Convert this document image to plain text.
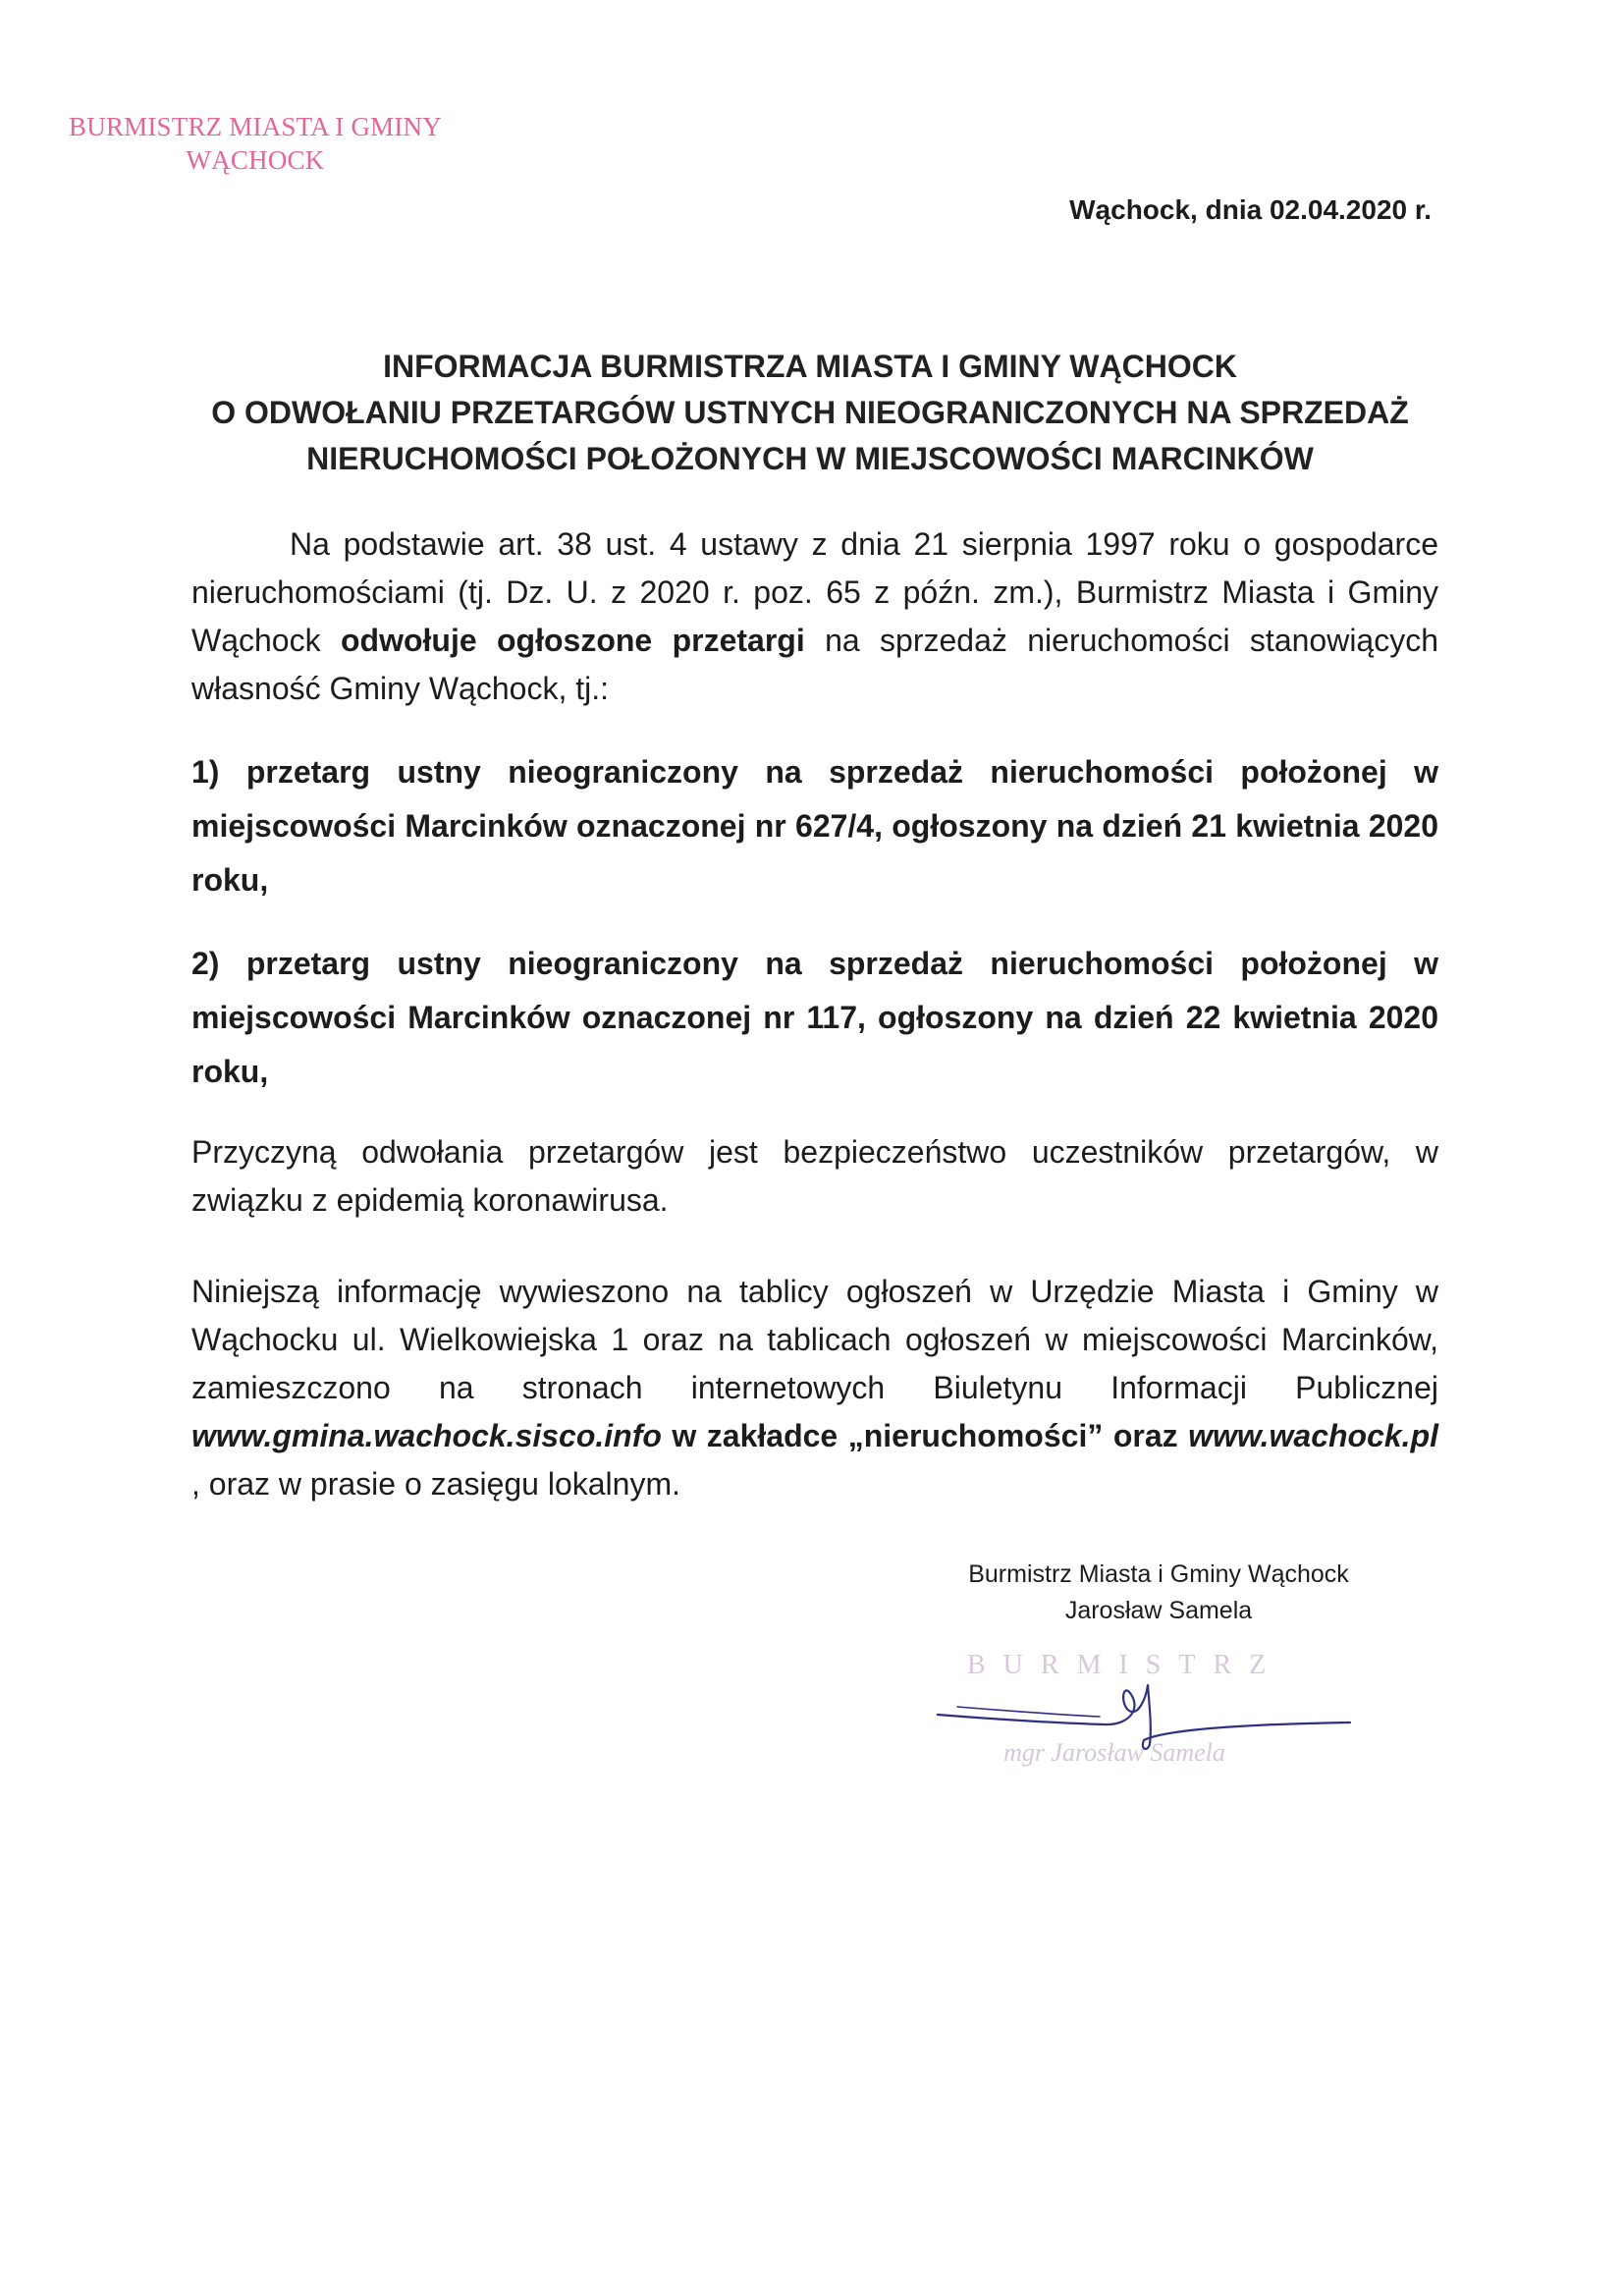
BURMISTRZ MIASTA I GMINY
WĄCHOCK
Wąchock, dnia 02.04.2020 r.
INFORMACJA BURMISTRZA MIASTA I GMINY WĄCHOCK
O ODWOŁANIU PRZETARGÓW USTNYCH NIEOGRANICZONYCH NA SPRZEDAŻ
NIERUCHOMOŚCI POŁOŻONYCH W MIEJSCOWOŚCI MARCINKÓW

Na podstawie art. 38 ust. 4 ustawy z dnia 21 sierpnia 1997 roku o gospodarce nieruchomościami (tj. Dz. U. z 2020 r. poz. 65 z późn. zm.), Burmistrz Miasta i Gminy Wąchock odwołuje ogłoszone przetargi na sprzedaż nieruchomości stanowiących własność Gminy Wąchock, tj.:

1) przetarg ustny nieograniczony na sprzedaż nieruchomości położonej w miejscowości Marcinków oznaczonej nr 627/4, ogłoszony na dzień 21 kwietnia 2020 roku,

2) przetarg ustny nieograniczony na sprzedaż nieruchomości położonej w miejscowości Marcinków oznaczonej nr 117, ogłoszony na dzień 22 kwietnia 2020 roku,

Przyczyną odwołania przetargów jest bezpieczeństwo uczestników przetargów, w związku z epidemią koronawirusa.

Niniejszą informację wywieszono na tablicy ogłoszeń w Urzędzie Miasta i Gminy w Wąchocku ul. Wielkowiejska 1 oraz na tablicach ogłoszeń w miejscowości Marcinków, zamieszczono na stronach internetowych Biuletynu Informacji Publicznej www.gmina.wachock.sisco.info w zakładce „nieruchomości” oraz www.wachock.pl , oraz w prasie o zasięgu lokalnym.

Burmistrz Miasta i Gminy Wąchock
Jarosław Samela
BURMISTRZ
mgr Jarosław Samela
